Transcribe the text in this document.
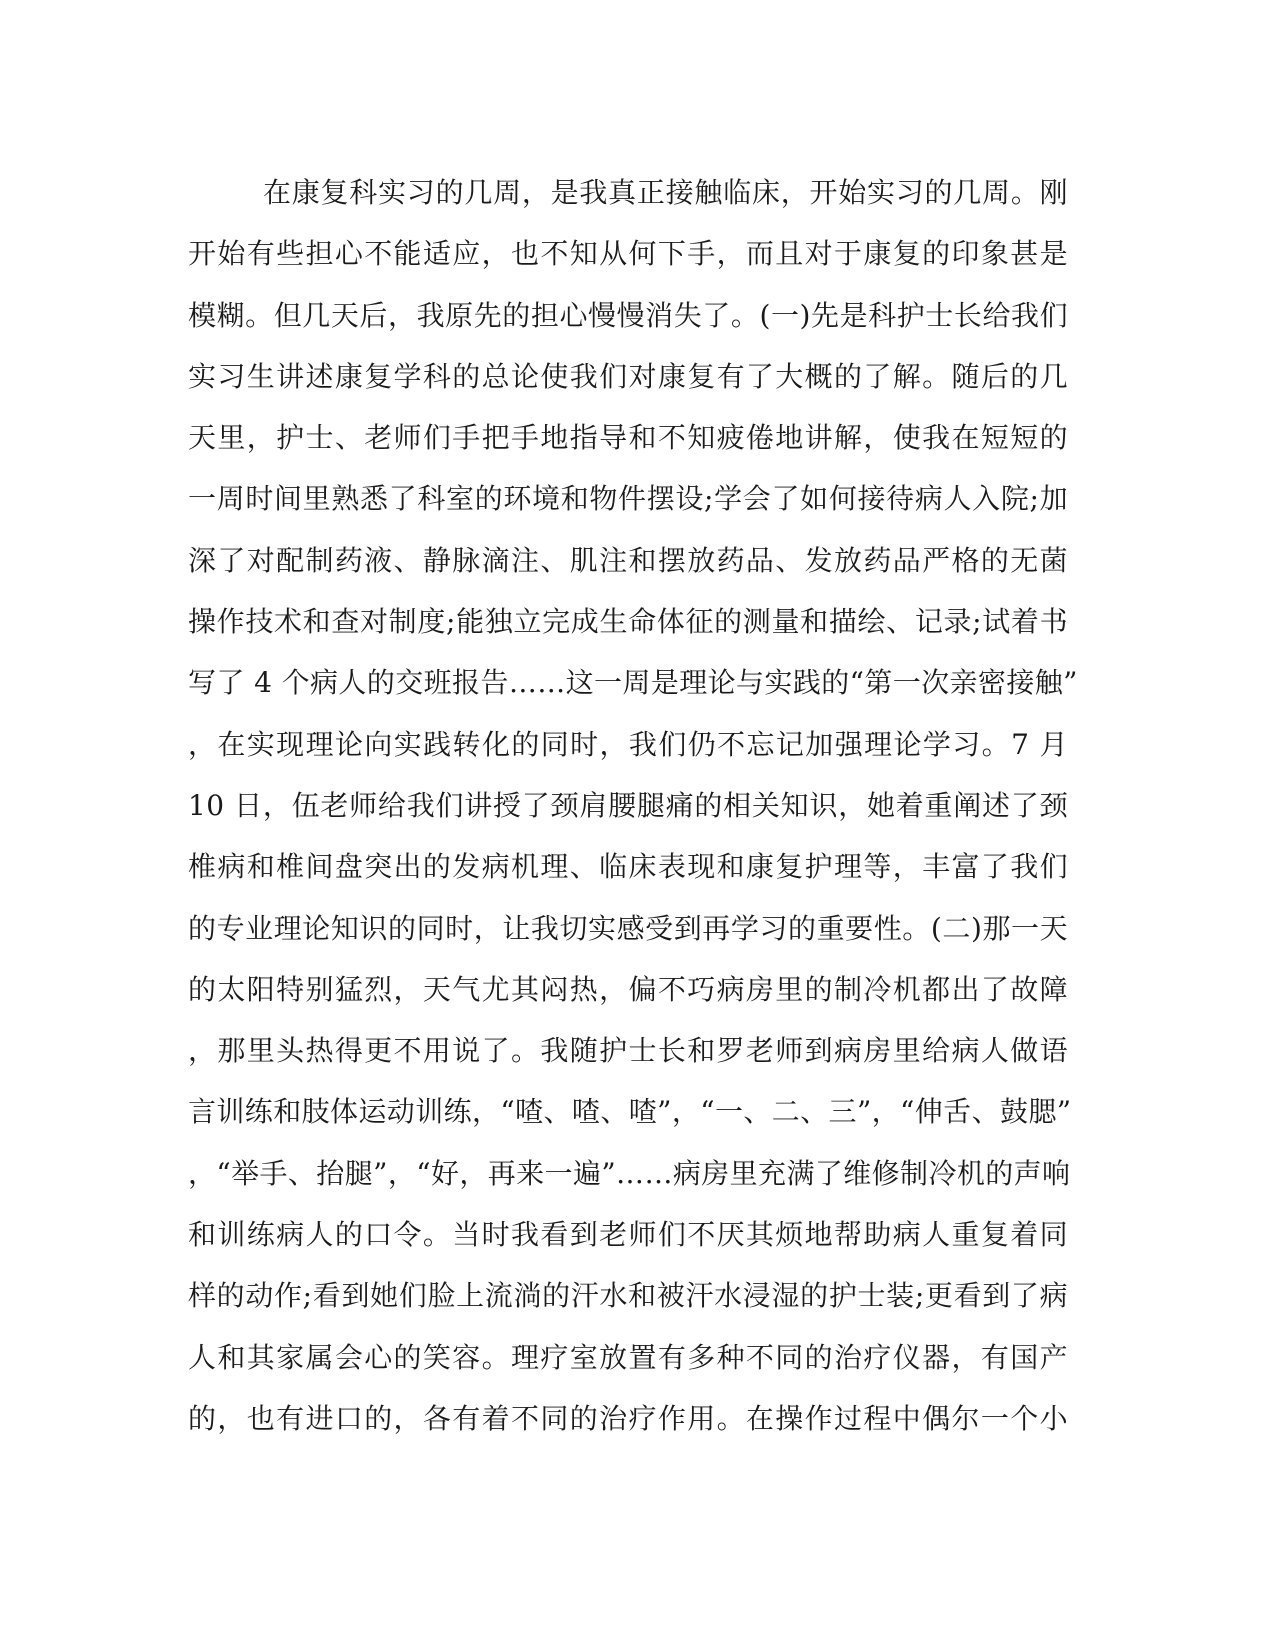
在康复科实习的几周，是我真正接触临床，开始实习的几周。刚
开始有些担心不能适应，也不知从何下手，而且对于康复的印象甚是
模糊。但几天后，我原先的担心慢慢消失了。(一)先是科护士长给我们
实习生讲述康复学科的总论使我们对康复有了大概的了解。随后的几
天里，护士、老师们手把手地指导和不知疲倦地讲解，使我在短短的
一周时间里熟悉了科室的环境和物件摆设;学会了如何接待病人入院;加
深了对配制药液、静脉滴注、肌注和摆放药品、发放药品严格的无菌
操作技术和查对制度;能独立完成生命体征的测量和描绘、记录;试着书
写了 4 个病人的交班报告……这一周是理论与实践的“第一次亲密接触”
，在实现理论向实践转化的同时，我们仍不忘记加强理论学习。7 月
10 日，伍老师给我们讲授了颈肩腰腿痛的相关知识，她着重阐述了颈
椎病和椎间盘突出的发病机理、临床表现和康复护理等，丰富了我们
的专业理论知识的同时，让我切实感受到再学习的重要性。(二)那一天
的太阳特别猛烈，天气尤其闷热，偏不巧病房里的制冷机都出了故障
，那里头热得更不用说了。我随护士长和罗老师到病房里给病人做语
言训练和肢体运动训练，“喳、喳、喳”，“一、二、三”，“伸舌、鼓腮”
，“举手、抬腿”，“好，再来一遍”……病房里充满了维修制冷机的声响
和训练病人的口令。当时我看到老师们不厌其烦地帮助病人重复着同
样的动作;看到她们脸上流淌的汗水和被汗水浸湿的护士装;更看到了病
人和其家属会心的笑容。理疗室放置有多种不同的治疗仪器，有国产
的，也有进口的，各有着不同的治疗作用。在操作过程中偶尔一个小
